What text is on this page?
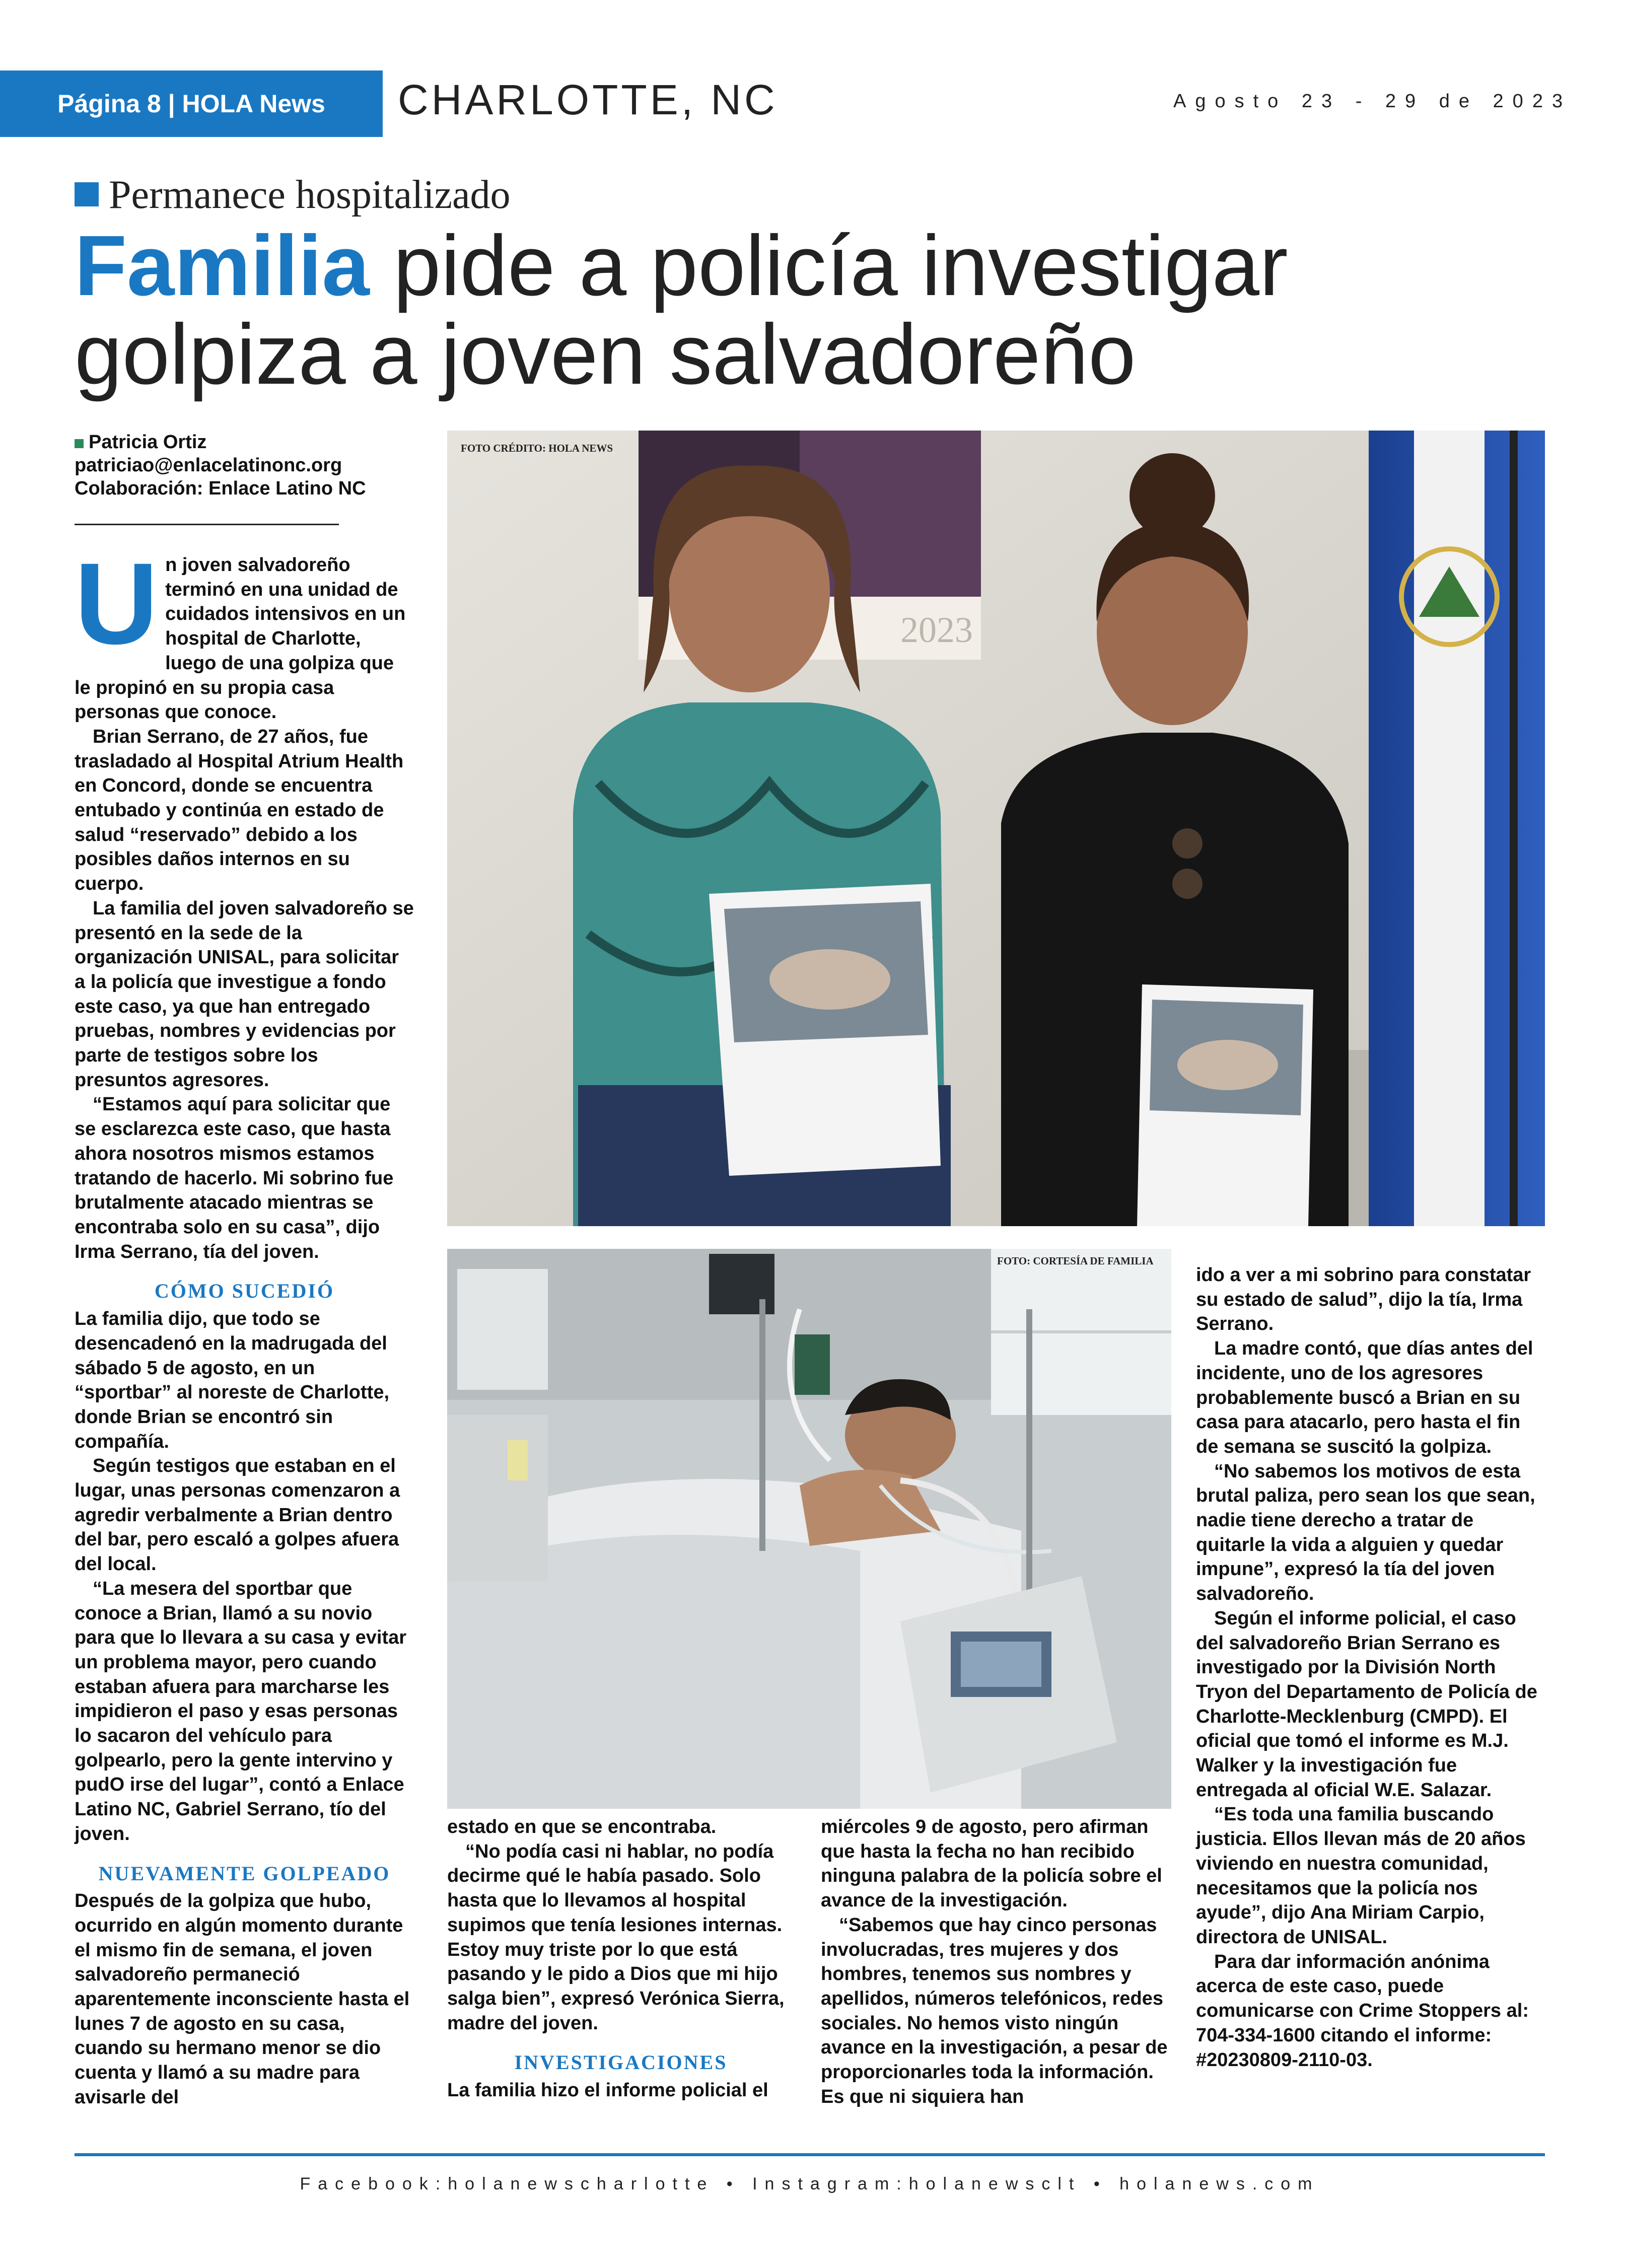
Página 8 | HOLA News	CHARLOTTE, NC	Agosto 23 - 29 de 2023
Permanece hospitalizado
Familia pide a policía investigar golpiza a joven salvadoreño
Patricia Ortiz
patriciao@enlacelatinonc.org
Colaboración: Enlace Latino NC

Un joven salvadoreño terminó en una unidad de cuidados intensivos en un hospital de Charlotte, luego de una golpiza que le propinó en su propia casa personas que conoce.

Brian Serrano, de 27 años, fue trasladado al Hospital Atrium Health en Concord, donde se encuentra entubado y continúa en estado de salud “reservado” debido a los posibles daños internos en su cuerpo.

La familia del joven salvadoreño se presentó en la sede de la organización UNISAL, para solicitar a la policía que investigue a fondo este caso, ya que han entregado pruebas, nombres y evidencias por parte de testigos sobre los presuntos agresores.

“Estamos aquí para solicitar que se esclarezca este caso, que hasta ahora nosotros mismos estamos tratando de hacerlo. Mi sobrino fue brutalmente atacado mientras se encontraba solo en su casa”, dijo Irma Serrano, tía del joven.

CÓMO SUCEDIÓ

La familia dijo, que todo se desencadenó en la madrugada del sábado 5 de agosto, en un “sportbar” al noreste de Charlotte, donde Brian se encontró sin compañía.

Según testigos que estaban en el lugar, unas personas comenzaron a agredir verbalmente a Brian dentro del bar, pero escaló a golpes afuera del local.

“La mesera del sportbar que conoce a Brian, llamó a su novio para que lo llevara a su casa y evitar un problema mayor, pero cuando estaban afuera para marcharse les impidieron el paso y esas personas lo sacaron del vehículo para golpearlo, pero la gente intervino y pudO irse del lugar”, contó a Enlace Latino NC, Gabriel Serrano, tío del joven.

NUEVAMENTE GOLPEADO

Después de la golpiza que hubo, ocurrido en algún momento durante el mismo fin de semana, el joven salvadoreño permaneció aparentemente inconsciente hasta el lunes 7 de agosto en su casa, cuando su hermano menor se dio cuenta y llamó a su madre para avisarle del

2023
FOTO CRÉDITO: HOLA NEWS
FOTO: CORTESÍA DE FAMILIA

estado en que se encontraba.

“No podía casi ni hablar, no podía decirme qué le había pasado. Solo hasta que lo llevamos al hospital supimos que tenía lesiones internas. Estoy muy triste por lo que está pasando y le pido a Dios que mi hijo salga bien”, expresó Verónica Sierra, madre del joven.

INVESTIGACIONES

La familia hizo el informe policial el

miércoles 9 de agosto, pero afirman que hasta la fecha no han recibido ninguna palabra de la policía sobre el avance de la investigación.

“Sabemos que hay cinco personas involucradas, tres mujeres y dos hombres, tenemos sus nombres y apellidos, números telefónicos, redes sociales. No hemos visto ningún avance en la investigación, a pesar de proporcionarles toda la información. Es que ni siquiera han

ido a ver a mi sobrino para constatar su estado de salud”, dijo la tía, Irma Serrano.

La madre contó, que días antes del incidente, uno de los agresores probablemente buscó a Brian en su casa para atacarlo, pero hasta el fin de semana se suscitó la golpiza.

“No sabemos los motivos de esta brutal paliza, pero sean los que sean, nadie tiene derecho a tratar de quitarle la vida a alguien y quedar impune”, expresó la tía del joven salvadoreño.

Según el informe policial, el caso del salvadoreño Brian Serrano es investigado por la División North Tryon del Departamento de Policía de Charlotte-Mecklenburg (CMPD). El oficial que tomó el informe es M.J. Walker y la investigación fue entregada al oficial W.E. Salazar.

“Es toda una familia buscando justicia. Ellos llevan más de 20 años viviendo en nuestra comunidad, necesitamos que la policía nos ayude”, dijo Ana Miriam Carpio, directora de UNISAL.

Para dar información anónima acerca de este caso, puede comunicarse con Crime Stoppers al: 704-334-1600 citando el informe: #20230809-2110-03.

Facebook:holanewscharlotte • Instagram:holanewsclt • holanews.com
